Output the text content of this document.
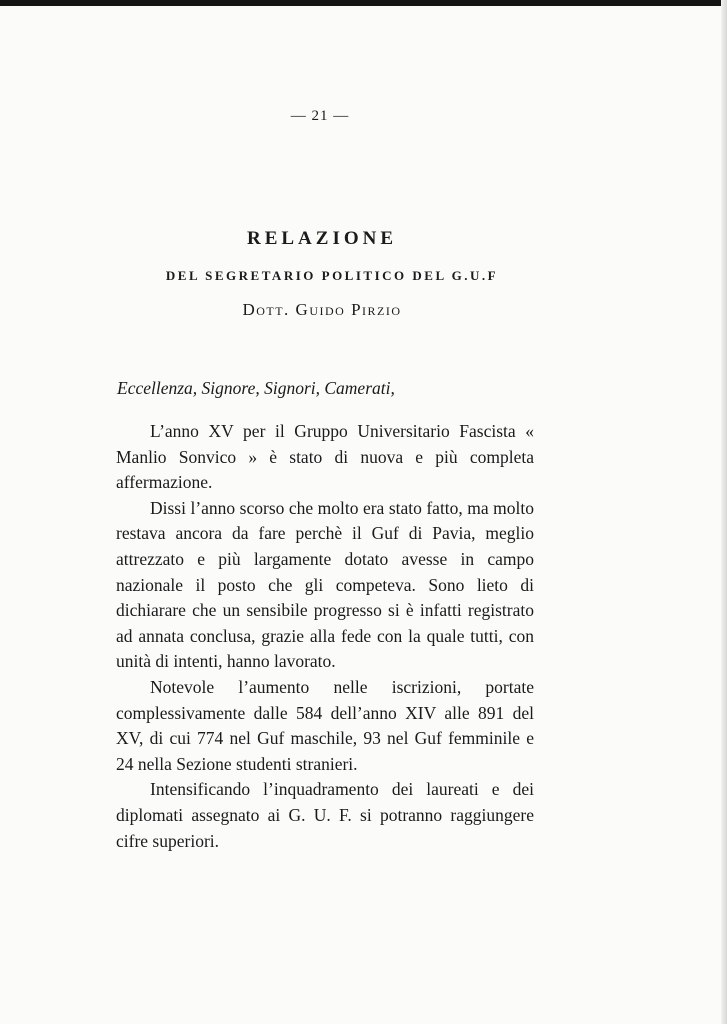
— 21 —
RELAZIONE
DEL SEGRETARIO POLITICO DEL G.U.F
Dott. Guido Pirzio
Eccellenza, Signore, Signori, Camerati,

L’anno XV per il Gruppo Universitario Fascista « Manlio Sonvico » è stato di nuova e più completa affermazione.

Dissi l’anno scorso che molto era stato fatto, ma molto restava ancora da fare perchè il Guf di Pavia, meglio attrezzato e più largamente dotato avesse in campo nazionale il posto che gli competeva. Sono lieto di dichiarare che un sensibile progresso si è infatti registrato ad annata conclusa, grazie alla fede con la quale tutti, con unità di intenti, hanno lavorato.

Notevole l’aumento nelle iscrizioni, portate complessivamente dalle 584 dell’anno XIV alle 891 del XV, di cui 774 nel Guf maschile, 93 nel Guf femminile e 24 nella Sezione studenti stranieri.

Intensificando l’inquadramento dei laureati e dei diplomati assegnato ai G. U. F. si potranno raggiungere cifre superiori.
